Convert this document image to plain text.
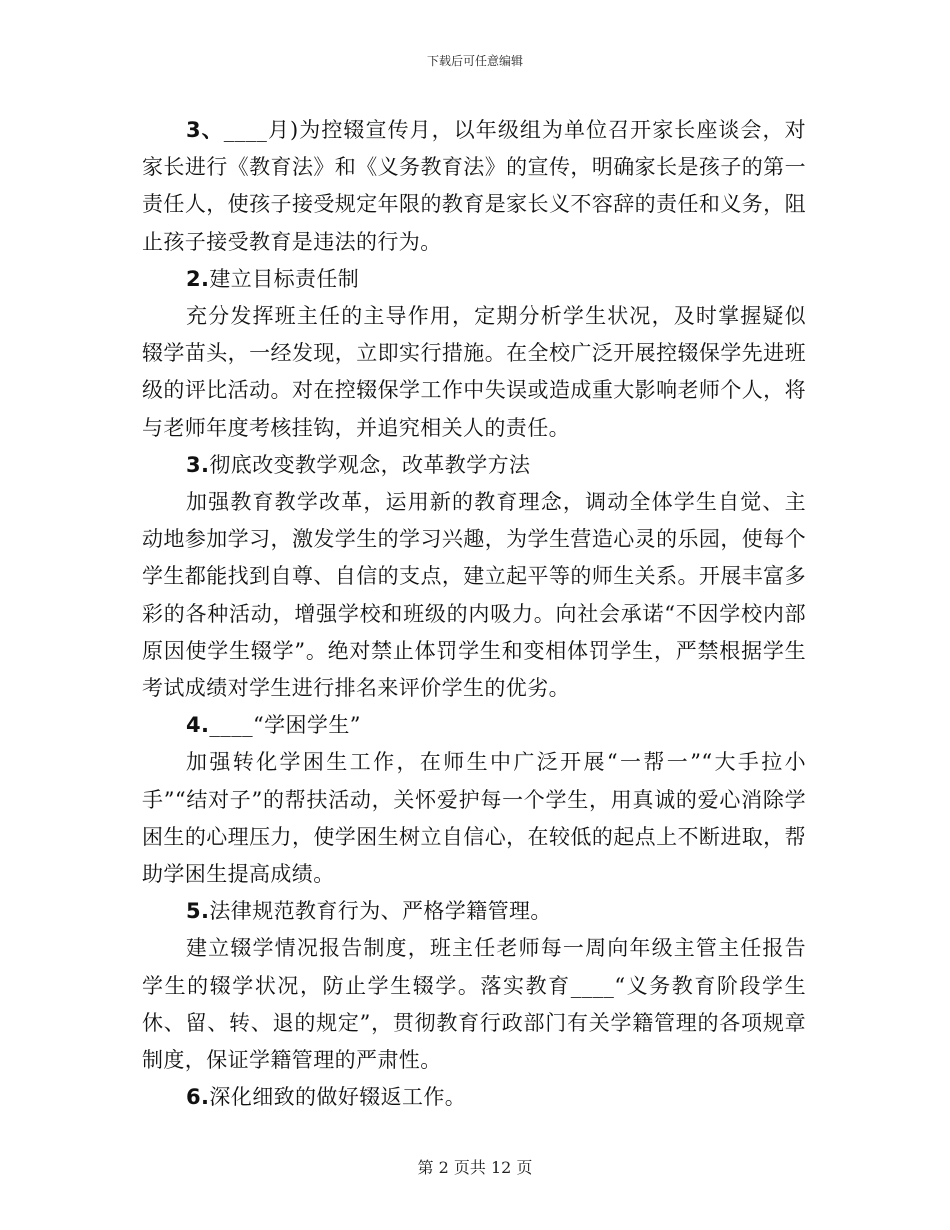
下载后可任意编辑

3、____月)为控辍宣传月，以年级组为单位召开家长座谈会，对家长进行《教育法》和《义务教育法》的宣传，明确家长是孩子的第一责任人，使孩子接受规定年限的教育是家长义不容辞的责任和义务，阻止孩子接受教育是违法的行为。

2.建立目标责任制

充分发挥班主任的主导作用，定期分析学生状况，及时掌握疑似辍学苗头，一经发现，立即实行措施。在全校广泛开展控辍保学先进班级的评比活动。对在控辍保学工作中失误或造成重大影响老师个人，将与老师年度考核挂钩，并追究相关人的责任。

3.彻底改变教学观念，改革教学方法

加强教育教学改革，运用新的教育理念，调动全体学生自觉、主动地参加学习，激发学生的学习兴趣，为学生营造心灵的乐园，使每个学生都能找到自尊、自信的支点，建立起平等的师生关系。开展丰富多彩的各种活动，增强学校和班级的内吸力。向社会承诺“不因学校内部原因使学生辍学”。绝对禁止体罚学生和变相体罚学生，严禁根据学生考试成绩对学生进行排名来评价学生的优劣。

4.____“学困学生”

加强转化学困生工作，在师生中广泛开展“一帮一”“大手拉小手”“结对子”的帮扶活动，关怀爱护每一个学生，用真诚的爱心消除学困生的心理压力，使学困生树立自信心，在较低的起点上不断进取，帮助学困生提高成绩。

5.法律规范教育行为、严格学籍管理。

建立辍学情况报告制度，班主任老师每一周向年级主管主任报告学生的辍学状况，防止学生辍学。落实教育____“义务教育阶段学生休、留、转、退的规定”，贯彻教育行政部门有关学籍管理的各项规章制度，保证学籍管理的严肃性。

6.深化细致的做好辍返工作。

第 2 页共 12 页
